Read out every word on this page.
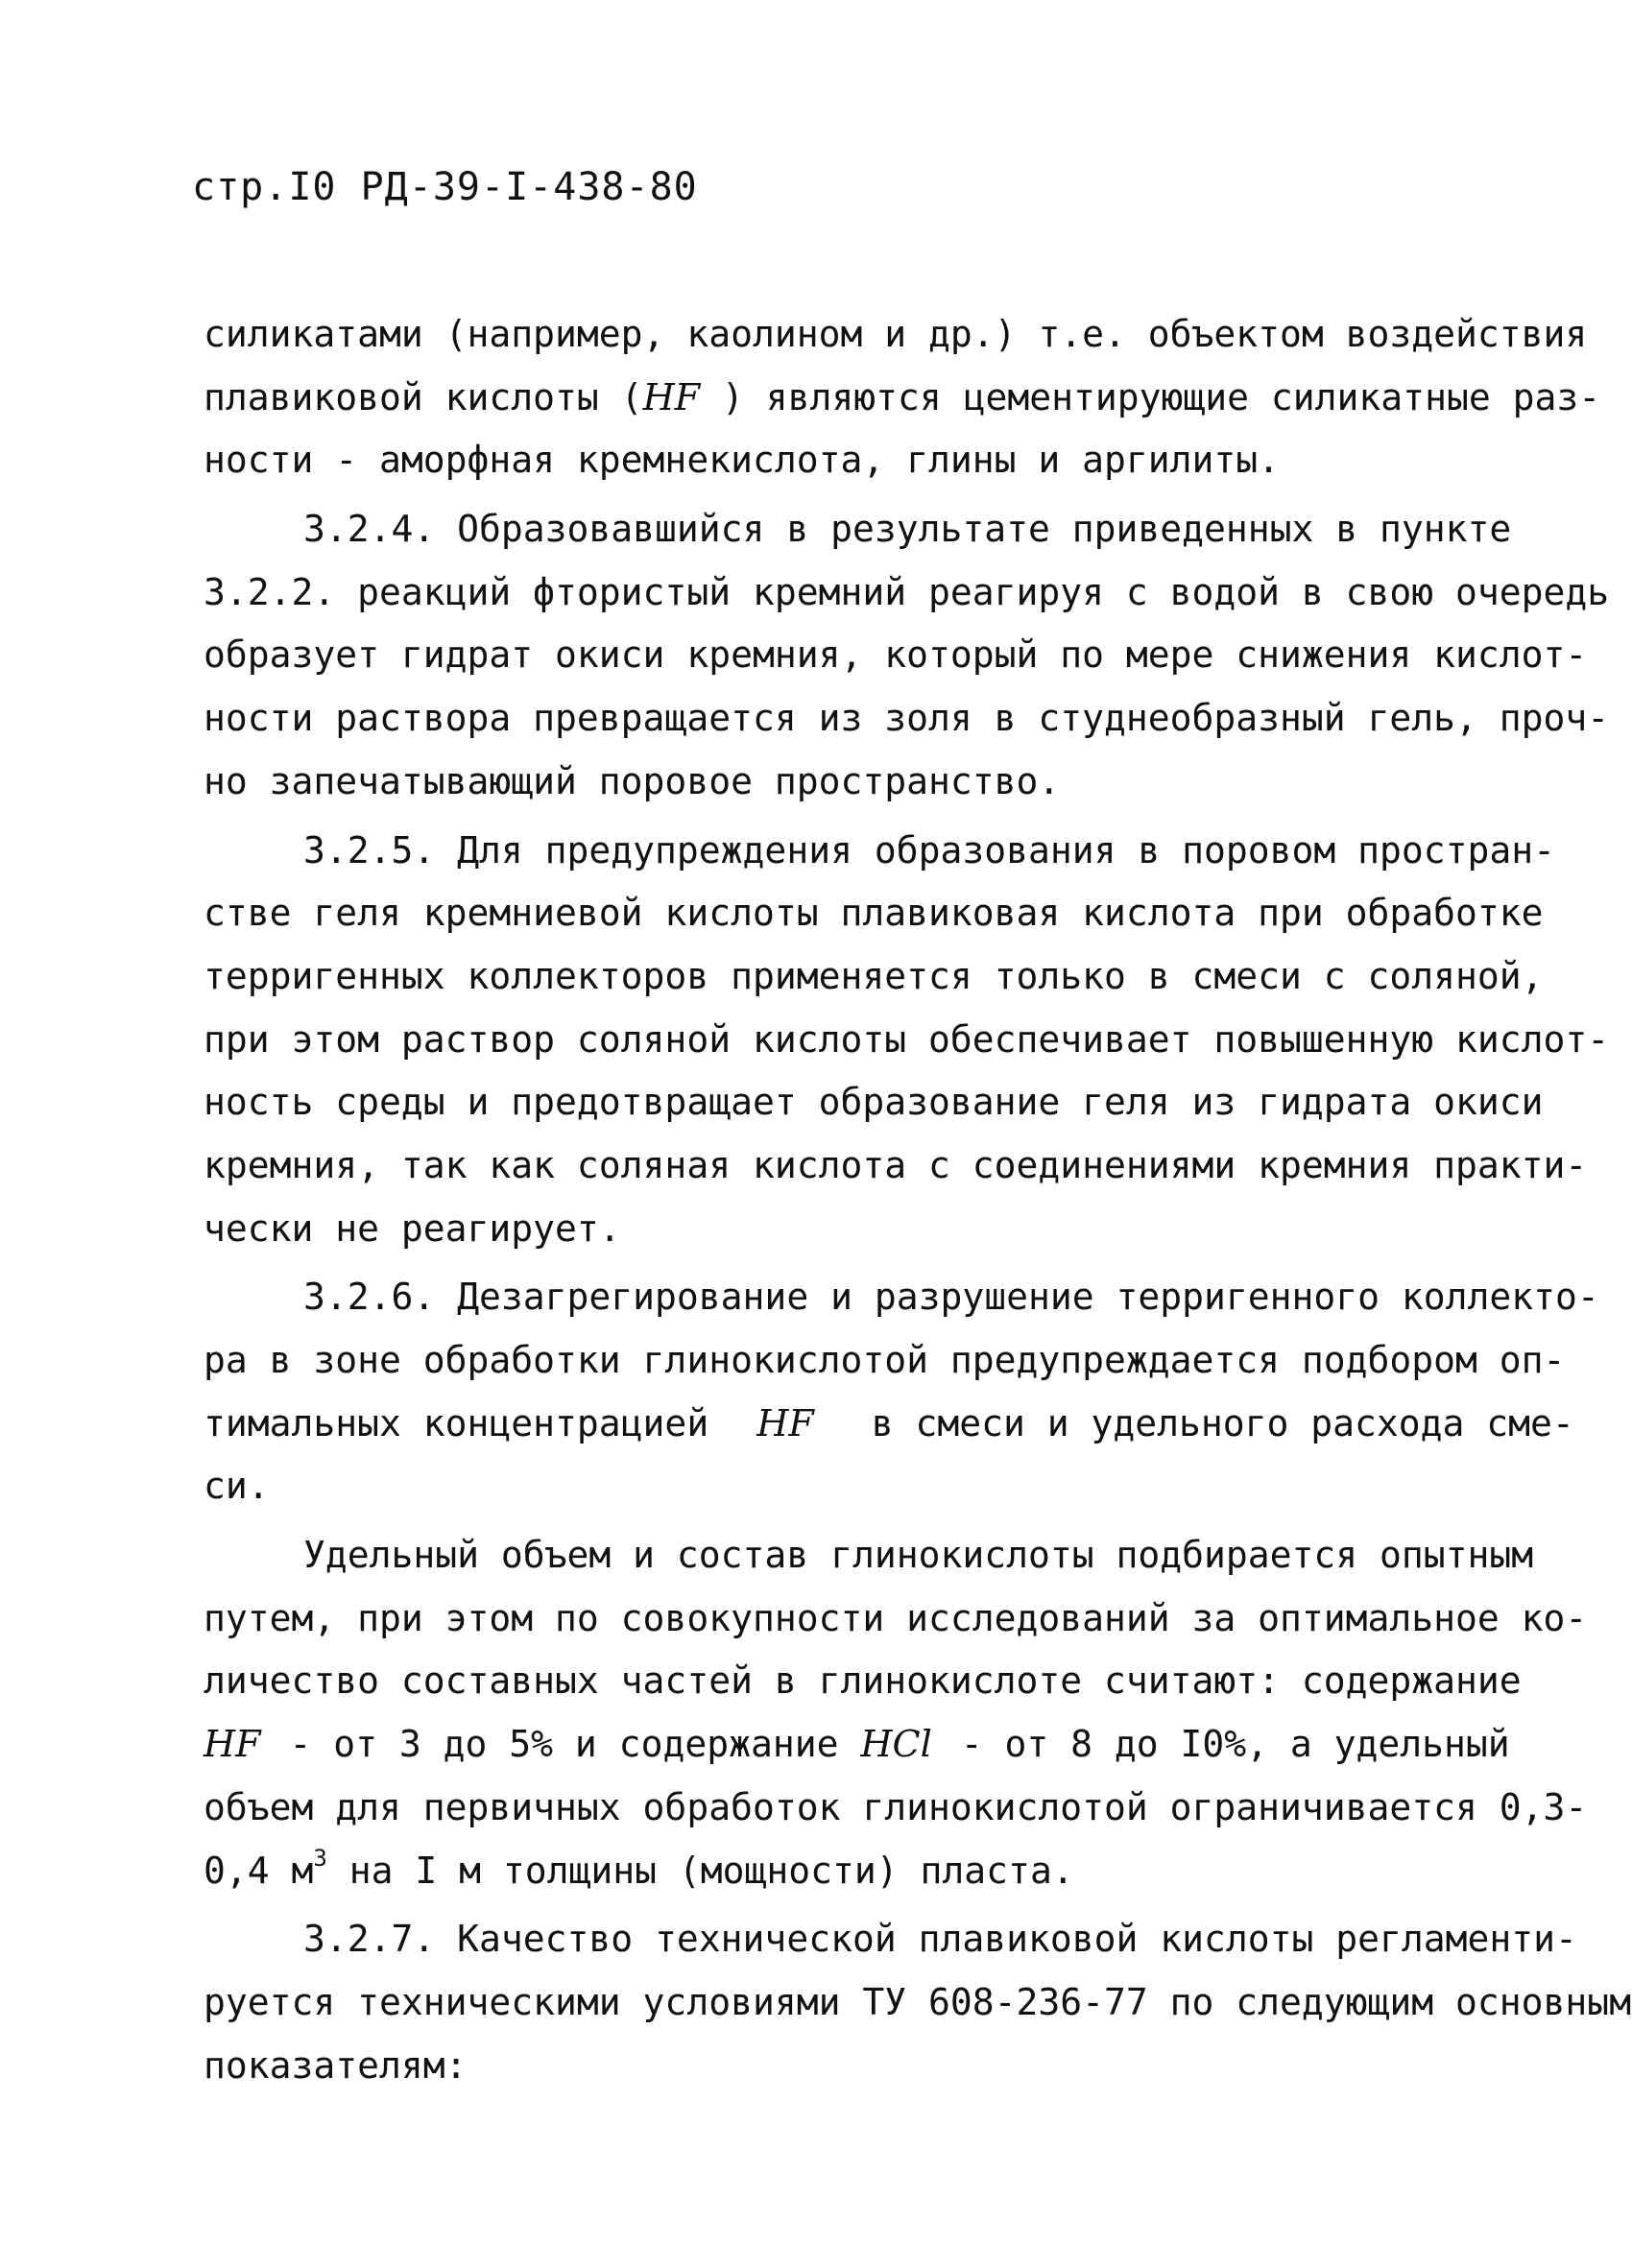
стр.I0 РД-39-I-438-80
силикатами (например, каолином и др.) т.е. объектом воздействия
плавиковой кислоты (HF ) являются цементирующие силикатные раз-
ности - аморфная кремнекислота, глины и аргилиты.
3.2.4. Образовавшийся в результате приведенных в пункте
3.2.2. реакций фтористый кремний реагируя с водой в свою очередь
образует гидрат окиси кремния, который по мере снижения кислот-
ности раствора превращается из золя в студнеобразный гель, проч-
но запечатывающий поровое пространство.
3.2.5. Для предупреждения образования в поровом простран-
стве геля кремниевой кислоты плавиковая кислота при обработке
терригенных коллекторов применяется только в смеси с соляной,
при этом раствор соляной кислоты обеспечивает повышенную кислот-
ность среды и предотвращает образование геля из гидрата окиси
кремния, так как соляная кислота с соединениями кремния практи-
чески не реагирует.
3.2.6. Дезагрегирование и разрушение терригенного коллекто-
ра в зоне обработки глинокислотой предупреждается подбором оп-
тимальных концентрацией HF в смеси и удельного расхода сме-
си.
Удельный объем и состав глинокислоты подбирается опытным
путем, при этом по совокупности исследований за оптимальное ко-
личество составных частей в глинокислоте считают: содержание
HF - от 3 до 5% и содержание HCl - от 8 до I0%, а удельный
объем для первичных обработок глинокислотой ограничивается 0,3-
0,4 $м^3$ на I м толщины (мощности) пласта.
3.2.7. Качество технической плавиковой кислоты регламенти-
руется техническими условиями ТУ 608-236-77 по следующим основным
показателям:
